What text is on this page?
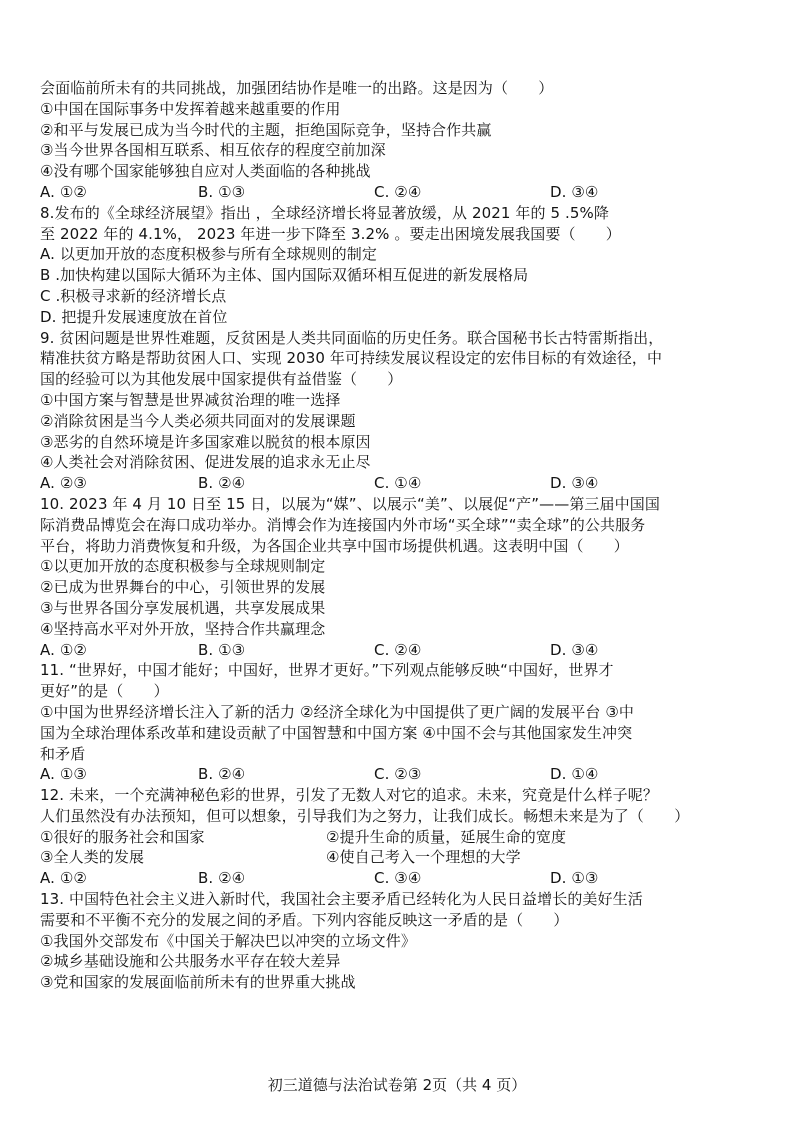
会面临前所未有的共同挑战，加强团结协作是唯一的出路。这是因为（　　）
①中国在国际事务中发挥着越来越重要的作用
②和平与发展已成为当今时代的主题，拒绝国际竞争，坚持合作共赢
③当今世界各国相互联系、相互依存的程度空前加深
④没有哪个国家能够独自应对人类面临的各种挑战
A. ①②	B. ①③	C. ②④	D. ③④
8.发布的《全球经济展望》指出 ，全球经济增长将显著放缓，从 2021 年的 5 .5%降
至 2022 年的 4.1%， 2023 年进一步下降至 3.2% 。要走出困境发展我国要（　　）
A. 以更加开放的态度积极参与所有全球规则的制定
B .加快构建以国际大循环为主体、国内国际双循环相互促进的新发展格局
C .积极寻求新的经济增长点
D. 把提升发展速度放在首位
9. 贫困问题是世界性难题，反贫困是人类共同面临的历史任务。联合国秘书长古特雷斯指出，
精准扶贫方略是帮助贫困人口、实现 2030 年可持续发展议程设定的宏伟目标的有效途径，中
国的经验可以为其他发展中国家提供有益借鉴（　　）
①中国方案与智慧是世界减贫治理的唯一选择
②消除贫困是当今人类必须共同面对的发展课题
③恶劣的自然环境是许多国家难以脱贫的根本原因
④人类社会对消除贫困、促进发展的追求永无止尽
A. ②③	B. ②④	C. ①④	D. ③④
10. 2023 年 4 月 10 日至 15 日，以展为“媒”、以展示“美”、以展促“产”——第三届中国国
际消费品博览会在海口成功举办。消博会作为连接国内外市场“买全球”“卖全球”的公共服务
平台，将助力消费恢复和升级，为各国企业共享中国市场提供机遇。这表明中国（　　）
①以更加开放的态度积极参与全球规则制定
②已成为世界舞台的中心，引领世界的发展
③与世界各国分享发展机遇，共享发展成果
④坚持高水平对外开放，坚持合作共赢理念
A. ①②	B. ①③	C. ②④	D. ③④
11. “世界好，中国才能好；中国好，世界才更好。”下列观点能够反映“中国好，世界才
更好”的是（　　）
①中国为世界经济增长注入了新的活力 ②经济全球化为中国提供了更广阔的发展平台 ③中
国为全球治理体系改革和建设贡献了中国智慧和中国方案 ④中国不会与其他国家发生冲突
和矛盾
A. ①③	B. ②④	C. ②③	D. ①④
12. 未来，一个充满神秘色彩的世界，引发了无数人对它的追求。未来，究竟是什么样子呢？
人们虽然没有办法预知，但可以想象，引导我们为之努力，让我们成长。畅想未来是为了（　　）
①很好的服务社会和国家	②提升生命的质量，延展生命的宽度
③全人类的发展	④使自己考入一个理想的大学
A. ①②	B. ②④	C. ③④	D. ①③
13. 中国特色社会主义进入新时代，我国社会主要矛盾已经转化为人民日益增长的美好生活
需要和不平衡不充分的发展之间的矛盾。下列内容能反映这一矛盾的是（　　）
①我国外交部发布《中国关于解决巴以冲突的立场文件》
②城乡基础设施和公共服务水平存在较大差异
③党和国家的发展面临前所未有的世界重大挑战
初三道德与法治试卷第 2页（共 4 页）
